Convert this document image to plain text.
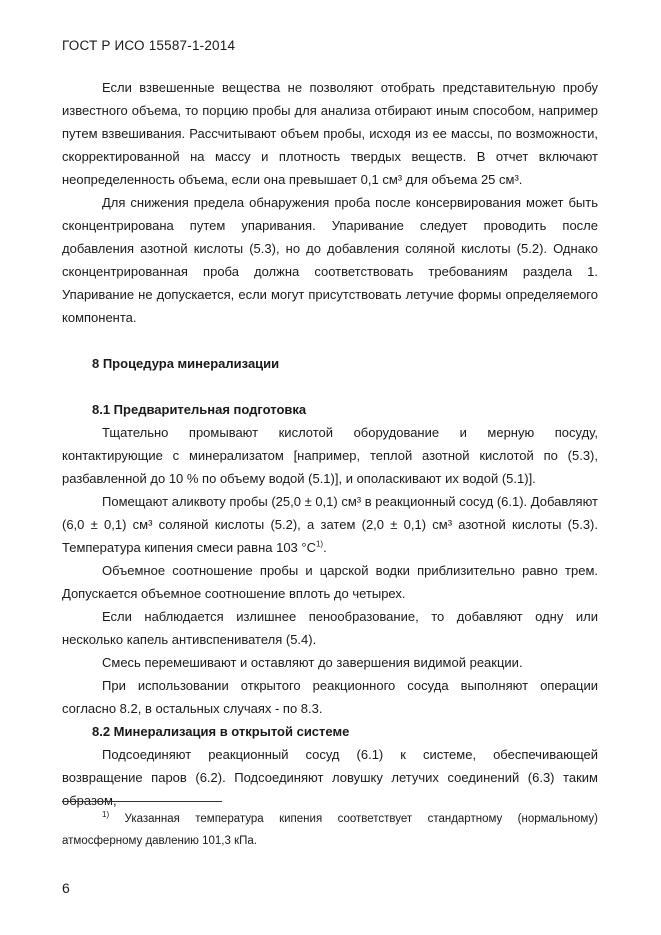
ГОСТ Р ИСО 15587-1-2014

Если взвешенные вещества не позволяют отобрать представительную пробу известного объема, то порцию пробы для анализа отбирают иным способом, например путем взвешивания. Рассчитывают объем пробы, исходя из ее массы, по возможности, скорректированной на массу и плотность твердых веществ. В отчет включают неопределенность объема, если она превышает 0,1 см³ для объема 25 см³.

Для снижения предела обнаружения проба после консервирования может быть сконцентрирована путем упаривания. Упаривание следует проводить после добавления азотной кислоты (5.3), но до добавления соляной кислоты (5.2). Однако сконцентрированная проба должна соответствовать требованиям раздела 1. Упаривание не допускается, если могут присутствовать летучие формы определяемого компонента.

8 Процедура минерализации
8.1 Предварительная подготовка

Тщательно промывают кислотой оборудование и мерную посуду, контактирующие с минерализатом [например, теплой азотной кислотой по (5.3), разбавленной до 10 % по объему водой (5.1)], и ополаскивают их водой (5.1)].

Помещают аликвоту пробы (25,0 ± 0,1) см³ в реакционный сосуд (6.1). Добавляют (6,0 ± 0,1) см³ соляной кислоты (5.2), а затем (2,0 ± 0,1) см³ азотной кислоты (5.3). Температура кипения смеси равна 103 $^\circ С^{1)}$.

Объемное соотношение пробы и царской водки приблизительно равно трем. Допускается объемное соотношение вплоть до четырех.

Если наблюдается излишнее пенообразование, то добавляют одну или несколько капель антивспенивателя (5.4).

Смесь перемешивают и оставляют до завершения видимой реакции.

При использовании открытого реакционного сосуда выполняют операции согласно 8.2, в остальных случаях - по 8.3.

8.2 Минерализация в открытой системе

Подсоединяют реакционный сосуд (6.1) к системе, обеспечивающей возвращение паров (6.2). Подсоединяют ловушку летучих соединений (6.3) таким образом,

$^{1)}$ Указанная температура кипения соответствует стандартному (нормальному) атмосферному давлению 101,3 кПа.
6
